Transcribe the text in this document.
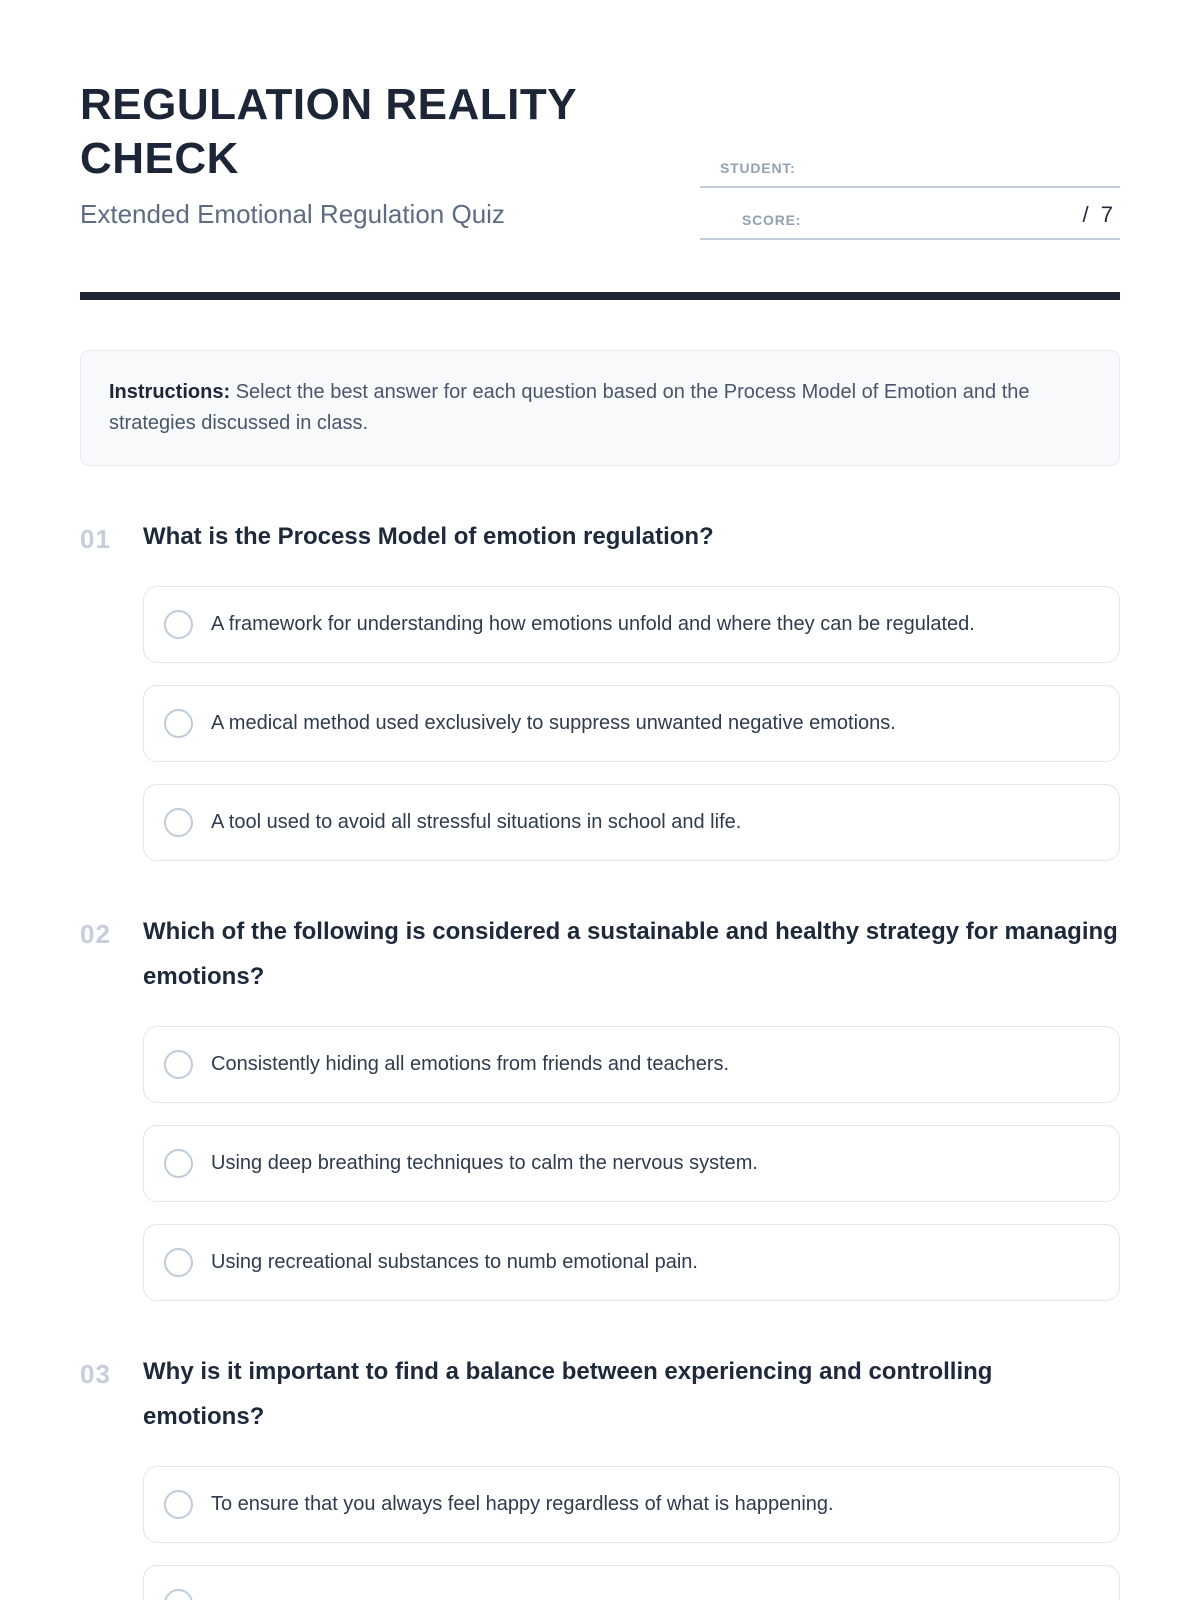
REGULATION REALITY CHECK
Extended Emotional Regulation Quiz
STUDENT:
SCORE:	/ 7
Instructions: Select the best answer for each question based on the Process Model of Emotion and the strategies discussed in class.
01	What is the Process Model of emotion regulation?
A framework for understanding how emotions unfold and where they can be regulated.
A medical method used exclusively to suppress unwanted negative emotions.
A tool used to avoid all stressful situations in school and life.
02	Which of the following is considered a sustainable and healthy strategy for managing emotions?
Consistently hiding all emotions from friends and teachers.
Using deep breathing techniques to calm the nervous system.
Using recreational substances to numb emotional pain.
03	Why is it important to find a balance between experiencing and controlling emotions?
To ensure that you always feel happy regardless of what is happening.
